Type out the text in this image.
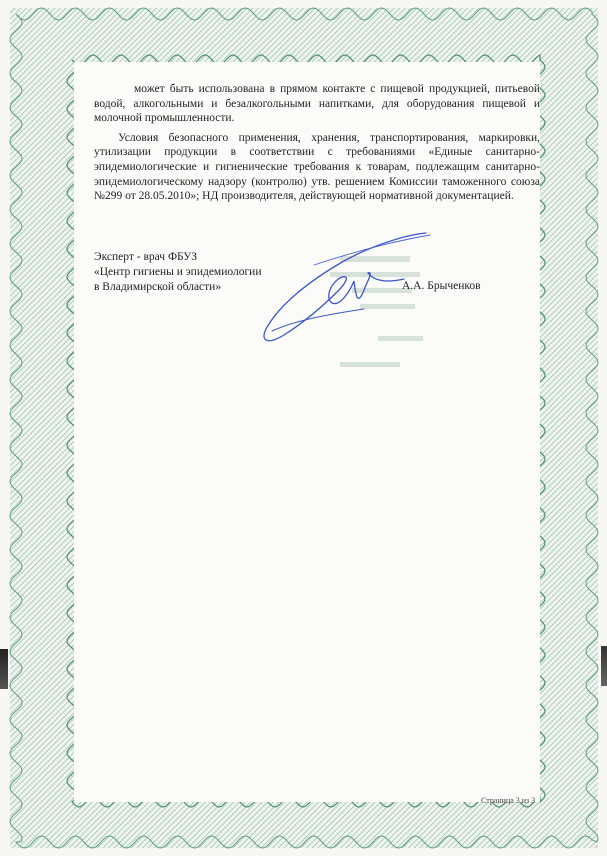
может быть использована в прямом контакте с пищевой продукцией, питьевой водой, алкогольными и безалкогольными напитками, для оборудования пищевой и молочной промышленности.

Условия безопасного применения, хранения, транспортирования, маркировки, утилизации продукции в соответствии с требованиями «Единые санитарно-эпидемиологические и гигиенические требования к товарам, подлежащим санитарно-эпидемиологическому надзору (контролю) утв. решением Комиссии таможенного союза №299 от 28.05.2010»; НД производителя, действующей нормативной документацией.

Эксперт - врач ФБУЗ
«Центр гигиены и эпидемиологии
в Владимирской области»	А.А. Брыченков
Страница 3 из 3
